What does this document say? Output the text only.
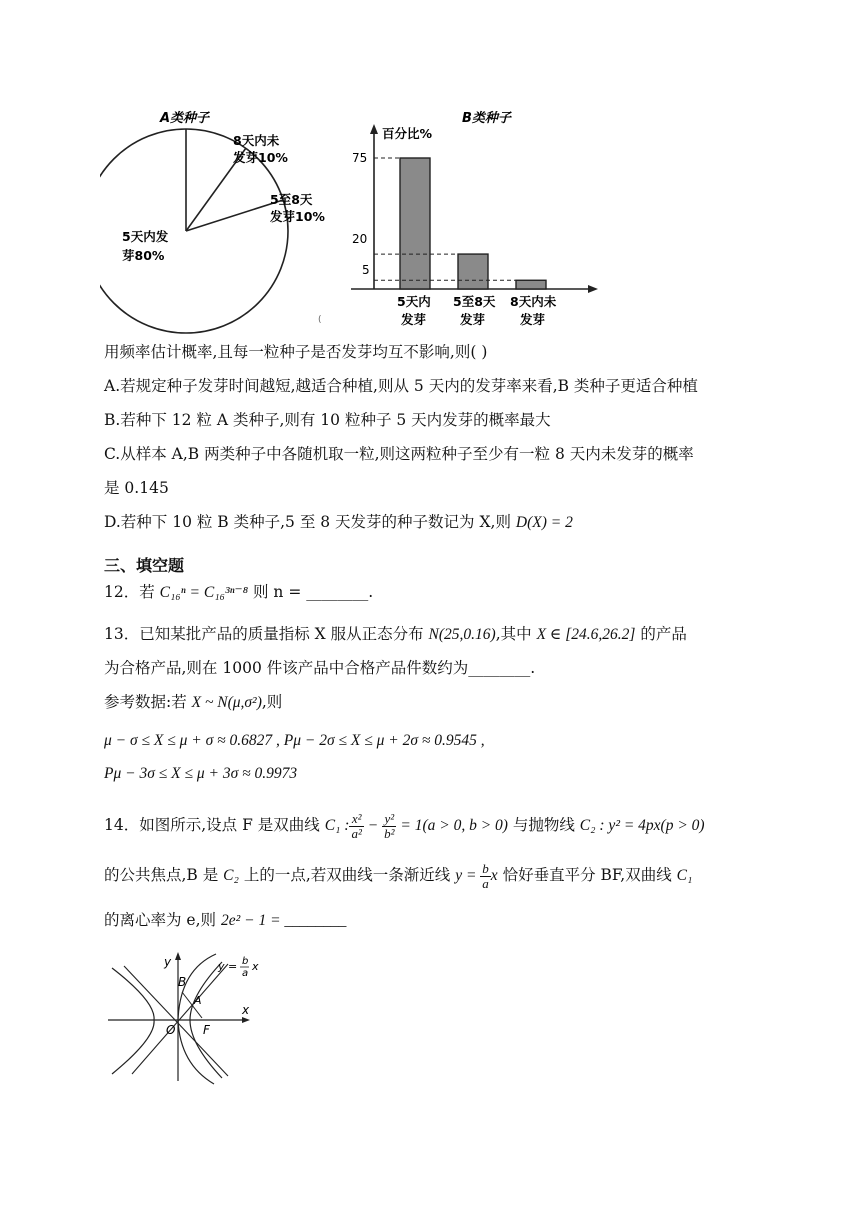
A类种子
8天内未
发芽10%
5至8天
发芽10%
5天内发
芽80%
(
B类种子
百分比%
75
20
5
5天内
发芽
5至8天
发芽
8天内未
发芽
用频率估计概率,且每一粒种子是否发芽均互不影响,则( )
A.若规定种子发芽时间越短,越适合种植,则从 5 天内的发芽率来看,B 类种子更适合种植
B.若种下 12 粒 A 类种子,则有 10 粒种子 5 天内发芽的概率最大
C.从样本 A,B 两类种子中各随机取一粒,则这两粒种子至少有一粒 8 天内未发芽的概率
是 0.145
D.若种下 10 粒 B 类种子,5 至 8 天发芽的种子数记为 X,则 D(X) = 2
三、填空题
12．若 C₁₆ⁿ = C₁₆³ⁿ⁻⁸ 则 n = ________.
13．已知某批产品的质量指标 X 服从正态分布 N(25,0.16),其中 X ∈ [24.6,26.2] 的产品
为合格产品,则在 1000 件该产品中合格产品件数约为________.
参考数据:若 X ~ N(μ,σ²),则
μ − σ ≤ X ≤ μ + σ ≈ 0.6827 , Pμ − 2σ ≤ X ≤ μ + 2σ ≈ 0.9545 ,
Pμ − 3σ ≤ X ≤ μ + 3σ ≈ 0.9973
14．如图所示,设点 F 是双曲线 C₁ : $\frac{\text{x²}}{\text{a²}} - \frac{\text{y²}}{\text{b²}} = 1(a > 0$, b > 0) 与抛物线 C₂ : y² = 4px(p > 0)
的公共焦点,B 是 C₂ 上的一点,若双曲线一条渐近线 $y = \frac{b}{a}$ x 恰好垂直平分 BF,双曲线 C₁
的离心率为 e,则 2e² − 1 = ________
y
x
B
A
O F
y = b
a
x
